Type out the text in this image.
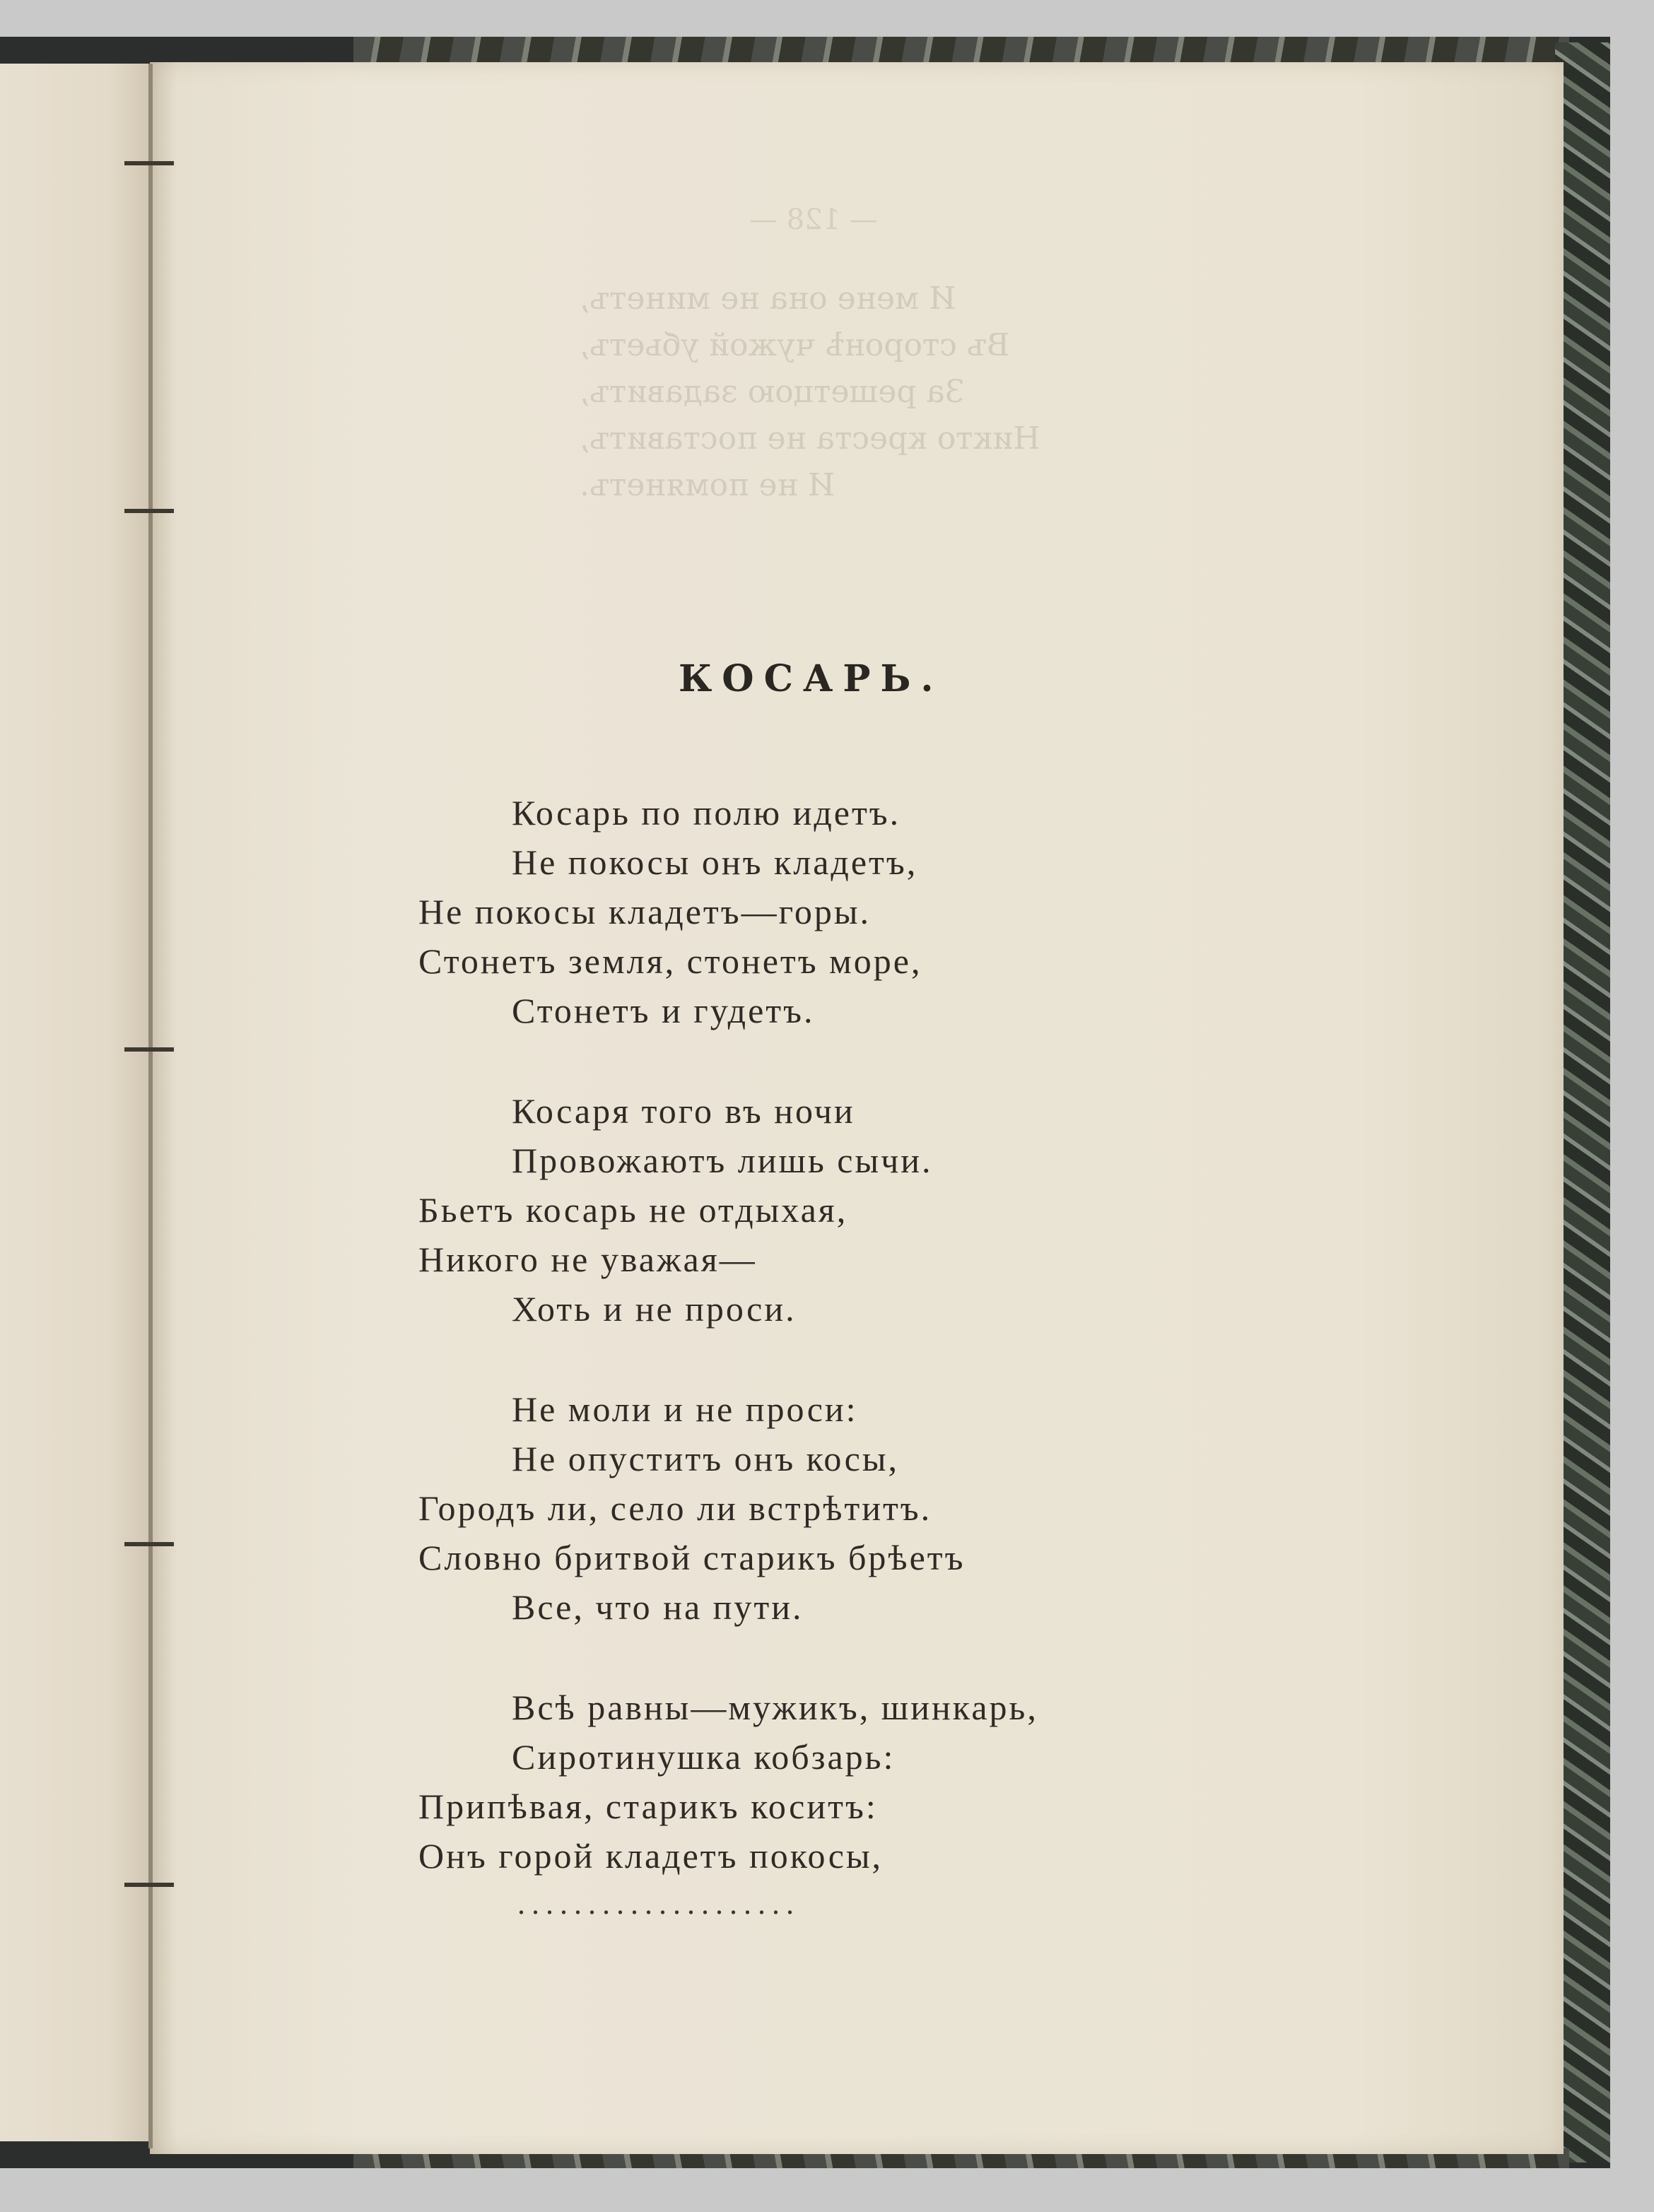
— 128 —
И мене она не минетъ,
Въ сторонѣ чужой убьетъ,
За решетцою задавитъ,
Никто креста не поставитъ,
И не помянетъ.
КОСАРЬ.
Косарь по полю идетъ.
Не покосы онъ кладетъ,
Не покосы кладетъ—горы.
Стонетъ земля, стонетъ море,
Стонетъ и гудетъ.
Косаря того въ ночи
Провожаютъ лишь сычи.
Бьетъ косарь не отдыхая,
Никого не уважая—
Хоть и не проси.
Не моли и не проси:
Не опуститъ онъ косы,
Городъ ли, село ли встрѣтитъ.
Словно бритвой старикъ брѣетъ
Все, что на пути.
Всѣ равны—мужикъ, шинкарь,
Сиротинушка кобзарь:
Припѣвая, старикъ коситъ:
Онъ горой кладетъ покосы,
....................
